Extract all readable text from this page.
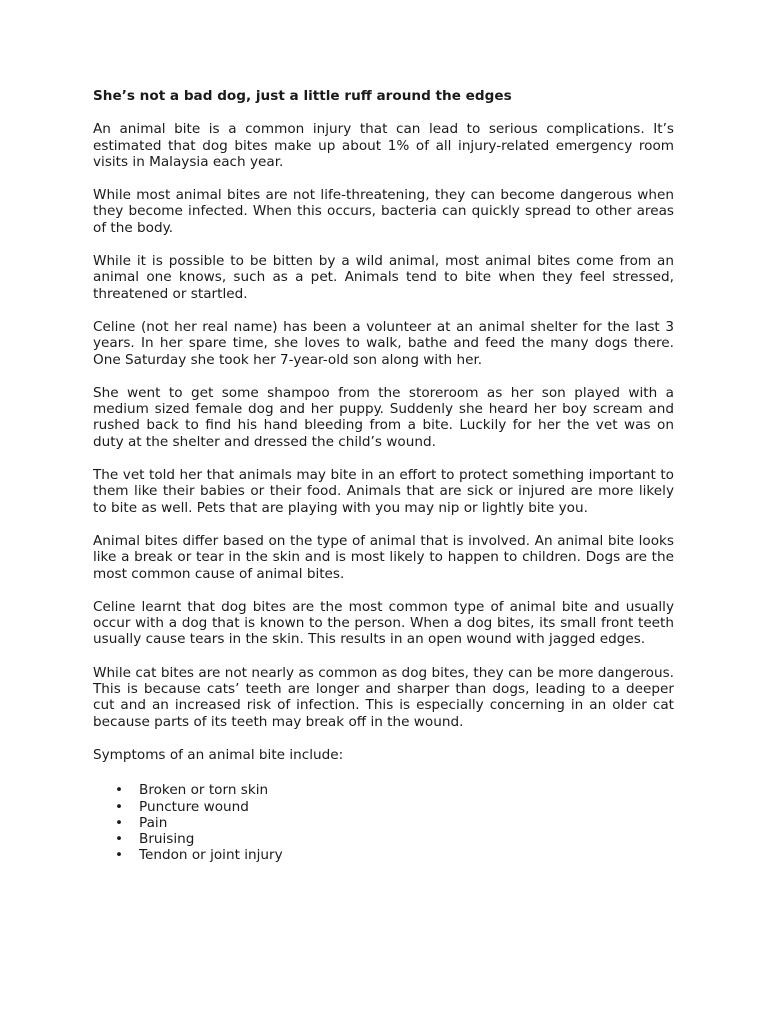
She’s not a bad dog, just a little ruff around the edges

An animal bite is a common injury that can lead to serious complications. It’s estimated that dog bites make up about 1% of all injury-related emergency room visits in Malaysia each year.

While most animal bites are not life-threatening, they can become dangerous when they become infected. When this occurs, bacteria can quickly spread to other areas of the body.

While it is possible to be bitten by a wild animal, most animal bites come from an animal one knows, such as a pet. Animals tend to bite when they feel stressed, threatened or startled.

Celine (not her real name) has been a volunteer at an animal shelter for the last 3 years. In her spare time, she loves to walk, bathe and feed the many dogs there. One Saturday she took her 7-year-old son along with her.

She went to get some shampoo from the storeroom as her son played with a medium sized female dog and her puppy. Suddenly she heard her boy scream and rushed back to find his hand bleeding from a bite. Luckily for her the vet was on duty at the shelter and dressed the child’s wound.

The vet told her that animals may bite in an effort to protect something important to them like their babies or their food. Animals that are sick or injured are more likely to bite as well. Pets that are playing with you may nip or lightly bite you.

Animal bites differ based on the type of animal that is involved. An animal bite looks like a break or tear in the skin and is most likely to happen to children. Dogs are the most common cause of animal bites.

Celine learnt that dog bites are the most common type of animal bite and usually occur with a dog that is known to the person. When a dog bites, its small front teeth usually cause tears in the skin. This results in an open wound with jagged edges.

While cat bites are not nearly as common as dog bites, they can be more dangerous. This is because cats’ teeth are longer and sharper than dogs, leading to a deeper cut and an increased risk of infection. This is especially concerning in an older cat because parts of its teeth may break off in the wound.

Symptoms of an animal bite include:

• Broken or torn skin
• Puncture wound
• Pain
• Bruising
• Tendon or joint injury
